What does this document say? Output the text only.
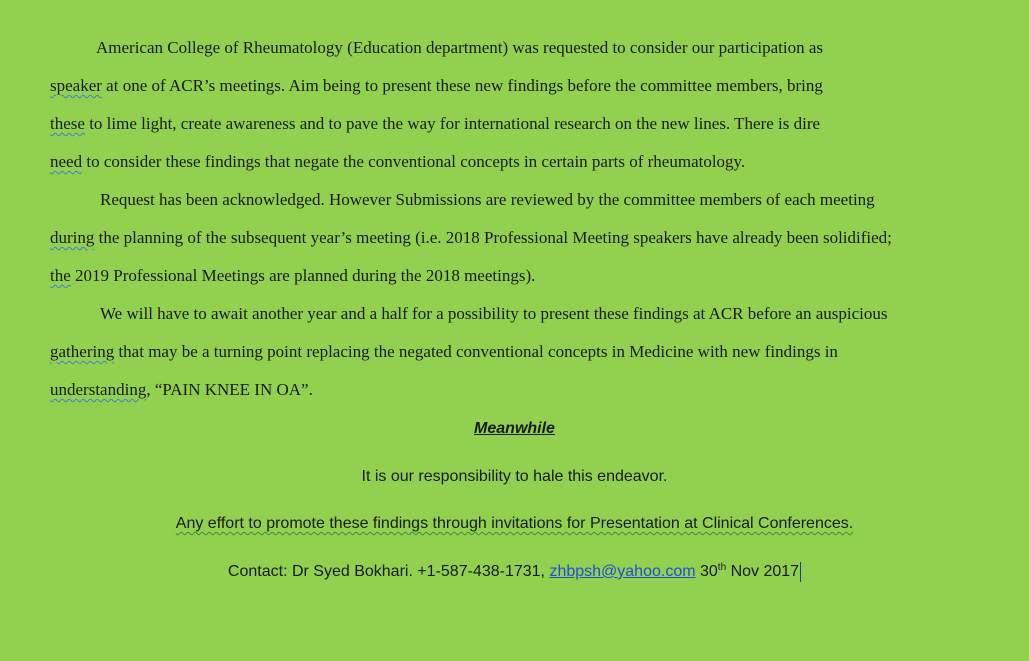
American College of Rheumatology (Education department) was requested to consider our participation as
speaker at one of ACR’s meetings. Aim being to present these new findings before the committee members, bring
these to lime light, create awareness and to pave the way for international research on the new lines. There is dire
need to consider these findings that negate the conventional concepts in certain parts of rheumatology.
Request has been acknowledged. However Submissions are reviewed by the committee members of each meeting
during the planning of the subsequent year’s meeting (i.e. 2018 Professional Meeting speakers have already been solidified;
the 2019 Professional Meetings are planned during the 2018 meetings).
We will have to await another year and a half for a possibility to present these findings at ACR before an auspicious
gathering that may be a turning point replacing the negated conventional concepts in Medicine with new findings in
understanding, “PAIN KNEE IN OA”.
Meanwhile
It is our responsibility to hale this endeavor.
Any effort to promote these findings through invitations for Presentation at Clinical Conferences.
Contact: Dr Syed Bokhari. +1-587-438-1731, zhbpsh@yahoo.com 30th Nov 2017
